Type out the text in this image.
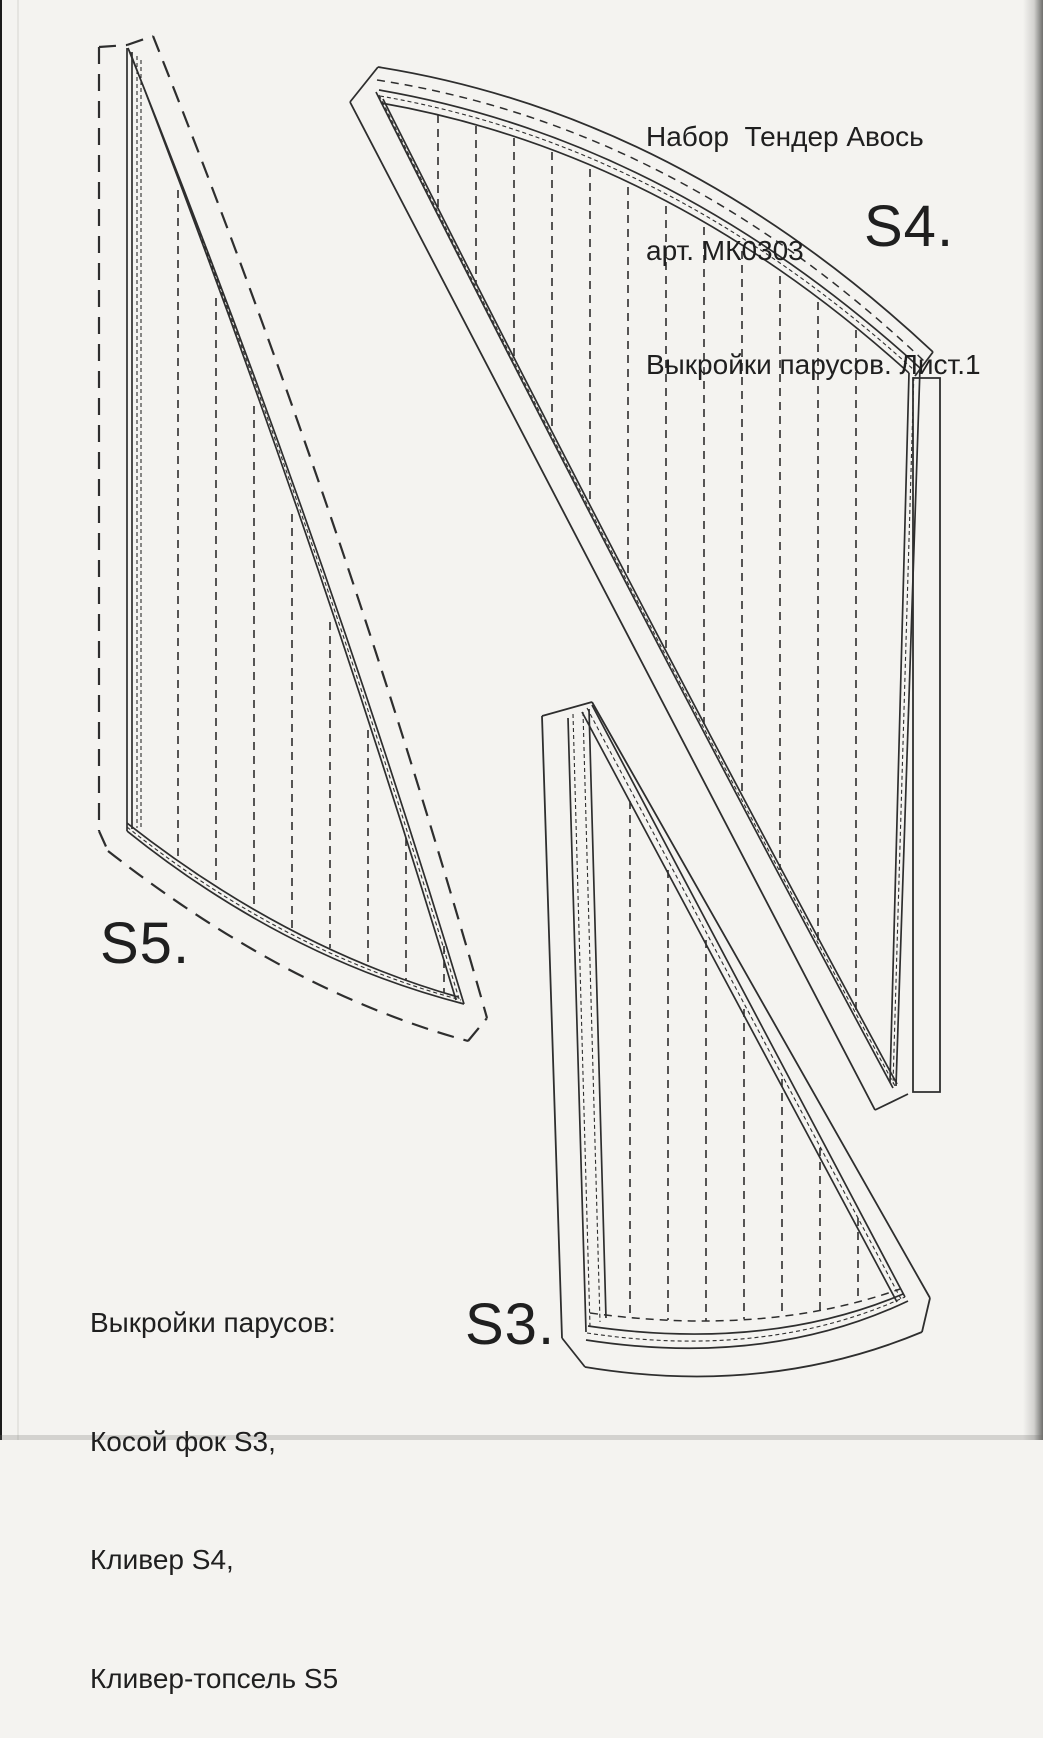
Набор  Тендер Авось

арт. МК0303

Выкройки парусов. Лист.1

S4.
S5.
S3.

Выкройки парусов:

Косой фок S3,

Кливер S4,

Кливер-топсель S5
